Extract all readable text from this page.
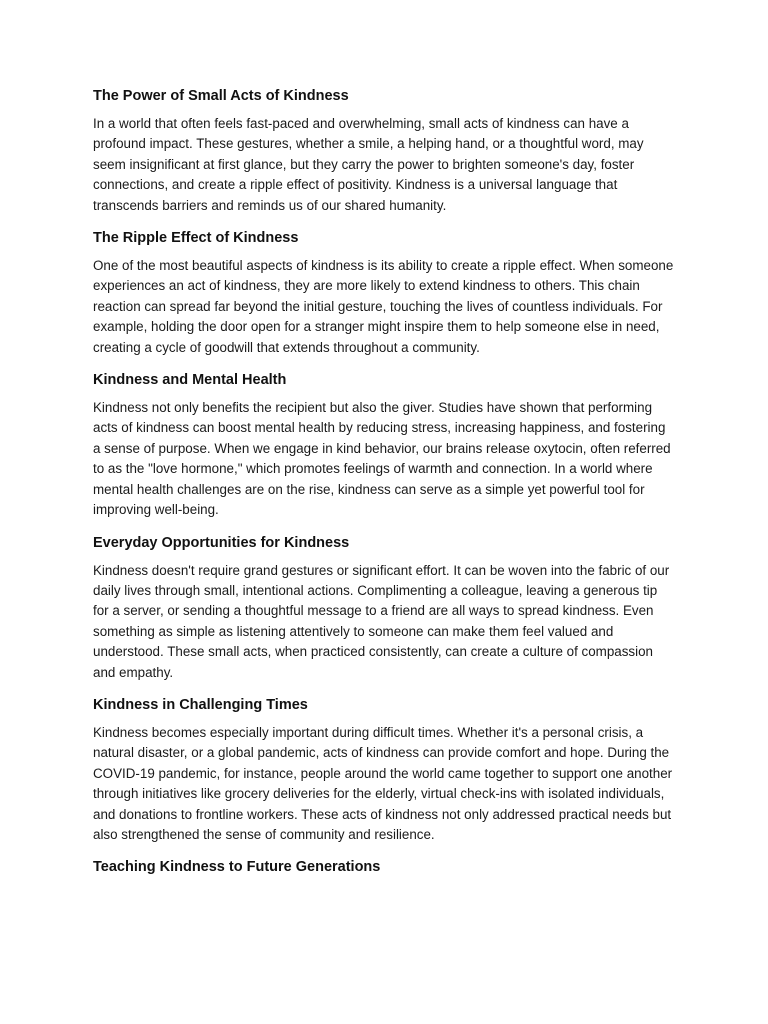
The Power of Small Acts of Kindness

In a world that often feels fast-paced and overwhelming, small acts of kindness can have a profound impact. These gestures, whether a smile, a helping hand, or a thoughtful word, may seem insignificant at first glance, but they carry the power to brighten someone's day, foster connections, and create a ripple effect of positivity. Kindness is a universal language that transcends barriers and reminds us of our shared humanity.

The Ripple Effect of Kindness

One of the most beautiful aspects of kindness is its ability to create a ripple effect. When someone experiences an act of kindness, they are more likely to extend kindness to others. This chain reaction can spread far beyond the initial gesture, touching the lives of countless individuals. For example, holding the door open for a stranger might inspire them to help someone else in need, creating a cycle of goodwill that extends throughout a community.

Kindness and Mental Health

Kindness not only benefits the recipient but also the giver. Studies have shown that performing acts of kindness can boost mental health by reducing stress, increasing happiness, and fostering a sense of purpose. When we engage in kind behavior, our brains release oxytocin, often referred to as the "love hormone," which promotes feelings of warmth and connection. In a world where mental health challenges are on the rise, kindness can serve as a simple yet powerful tool for improving well-being.

Everyday Opportunities for Kindness

Kindness doesn't require grand gestures or significant effort. It can be woven into the fabric of our daily lives through small, intentional actions. Complimenting a colleague, leaving a generous tip for a server, or sending a thoughtful message to a friend are all ways to spread kindness. Even something as simple as listening attentively to someone can make them feel valued and understood. These small acts, when practiced consistently, can create a culture of compassion and empathy.

Kindness in Challenging Times

Kindness becomes especially important during difficult times. Whether it's a personal crisis, a natural disaster, or a global pandemic, acts of kindness can provide comfort and hope. During the COVID-19 pandemic, for instance, people around the world came together to support one another through initiatives like grocery deliveries for the elderly, virtual check-ins with isolated individuals, and donations to frontline workers. These acts of kindness not only addressed practical needs but also strengthened the sense of community and resilience.

Teaching Kindness to Future Generations
